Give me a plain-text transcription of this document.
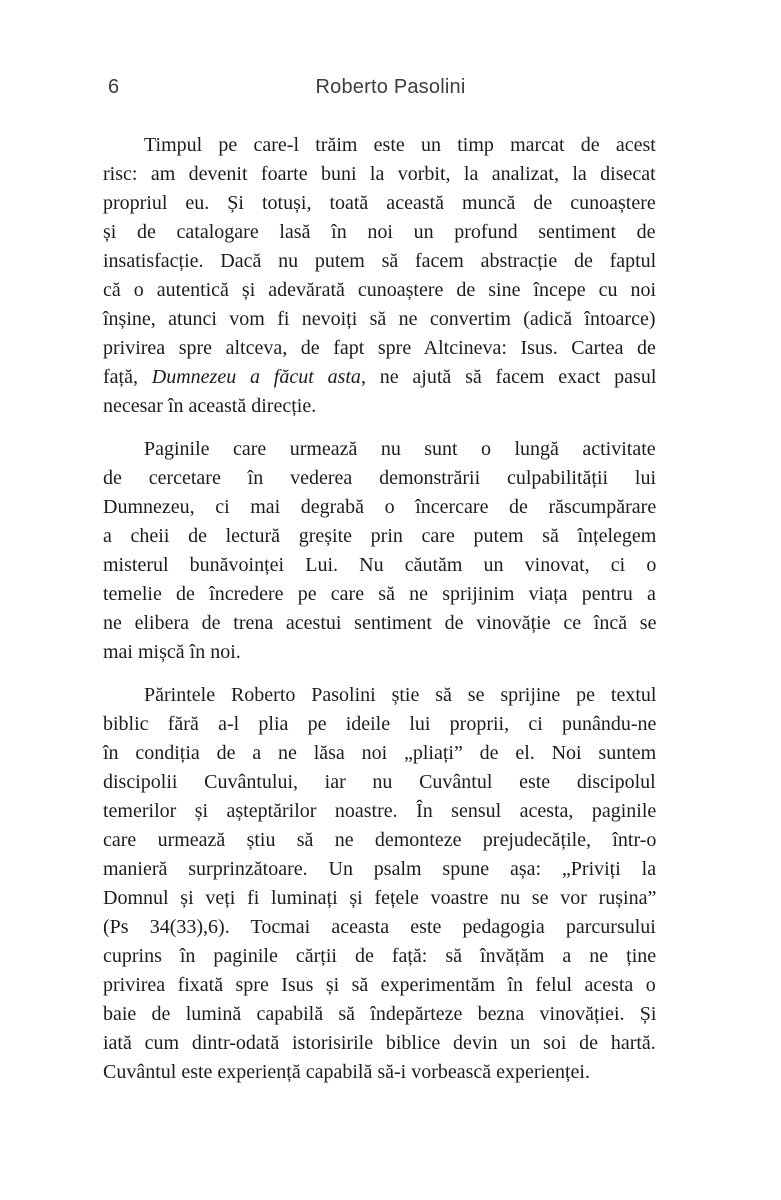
6	Roberto Pasolini
Timpul pe care-l trăim este un timp marcat de acest
risc: am devenit foarte buni la vorbit, la analizat, la disecat
propriul eu. Și totuși, toată această muncă de cunoaștere
și de catalogare lasă în noi un profund sentiment de
insatisfacție. Dacă nu putem să facem abstracție de faptul
că o autentică și adevărată cunoaștere de sine începe cu noi
înșine, atunci vom fi nevoiți să ne convertim (adică întoarce)
privirea spre altceva, de fapt spre Altcineva: Isus. Cartea de
față, Dumnezeu a făcut asta, ne ajută să facem exact pasul
necesar în această direcție.
Paginile care urmează nu sunt o lungă activitate
de cercetare în vederea demonstrării culpabilității lui
Dumnezeu, ci mai degrabă o încercare de răscumpărare
a cheii de lectură greșite prin care putem să înțelegem
misterul bunăvoinței Lui. Nu căutăm un vinovat, ci o
temelie de încredere pe care să ne sprijinim viața pentru a
ne elibera de trena acestui sentiment de vinovăție ce încă se
mai mișcă în noi.
Părintele Roberto Pasolini știe să se sprijine pe textul
biblic fără a-l plia pe ideile lui proprii, ci punându-ne
în condiția de a ne lăsa noi „pliați” de el. Noi suntem
discipolii Cuvântului, iar nu Cuvântul este discipolul
temerilor și așteptărilor noastre. În sensul acesta, paginile
care urmează știu să ne demonteze prejudecățile, într-o
manieră surprinzătoare. Un psalm spune așa: „Priviți la
Domnul și veți fi luminați și fețele voastre nu se vor rușina”
(Ps 34(33),6). Tocmai aceasta este pedagogia parcursului
cuprins în paginile cărții de față: să învățăm a ne ține
privirea fixată spre Isus și să experimentăm în felul acesta o
baie de lumină capabilă să îndepărteze bezna vinovăției. Și
iată cum dintr-odată istorisirile biblice devin un soi de hartă.
Cuvântul este experiență capabilă să-i vorbească experienței.
